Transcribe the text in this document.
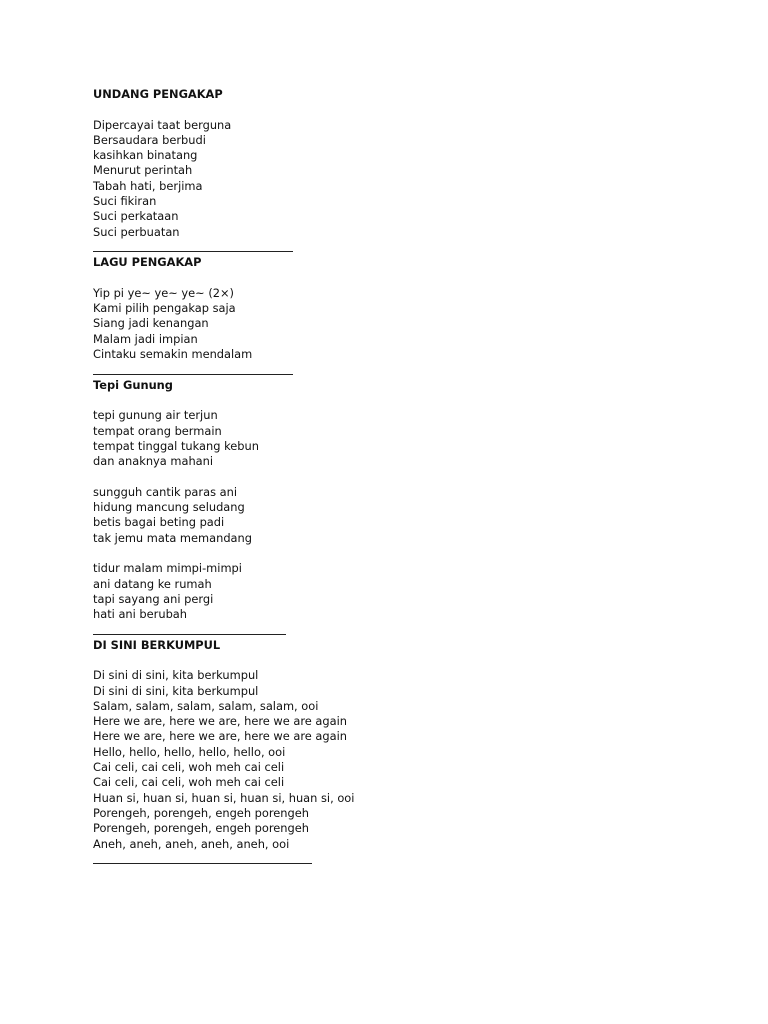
UNDANG PENGAKAP
Dipercayai taat berguna
Bersaudara berbudi
kasihkan binatang
Menurut perintah
Tabah hati, berjima
Suci fikiran
Suci perkataan
Suci perbuatan
LAGU PENGAKAP
Yip pi ye~ ye~ ye~ (2×)
Kami pilih pengakap saja
Siang jadi kenangan
Malam jadi impian
Cintaku semakin mendalam
Tepi Gunung
tepi gunung air terjun
tempat orang bermain
tempat tinggal tukang kebun
dan anaknya mahani
sungguh cantik paras ani
hidung mancung seludang
betis bagai beting padi
tak jemu mata memandang
tidur malam mimpi-mimpi
ani datang ke rumah
tapi sayang ani pergi
hati ani berubah
DI SINI BERKUMPUL
Di sini di sini, kita berkumpul
Di sini di sini, kita berkumpul
Salam, salam, salam, salam, salam, ooi
Here we are, here we are, here we are again
Here we are, here we are, here we are again
Hello, hello, hello, hello, hello, ooi
Cai celi, cai celi, woh meh cai celi
Cai celi, cai celi, woh meh cai celi
Huan si, huan si, huan si, huan si, huan si, ooi
Porengeh, porengeh, engeh porengeh
Porengeh, porengeh, engeh porengeh
Aneh, aneh, aneh, aneh, aneh, ooi
